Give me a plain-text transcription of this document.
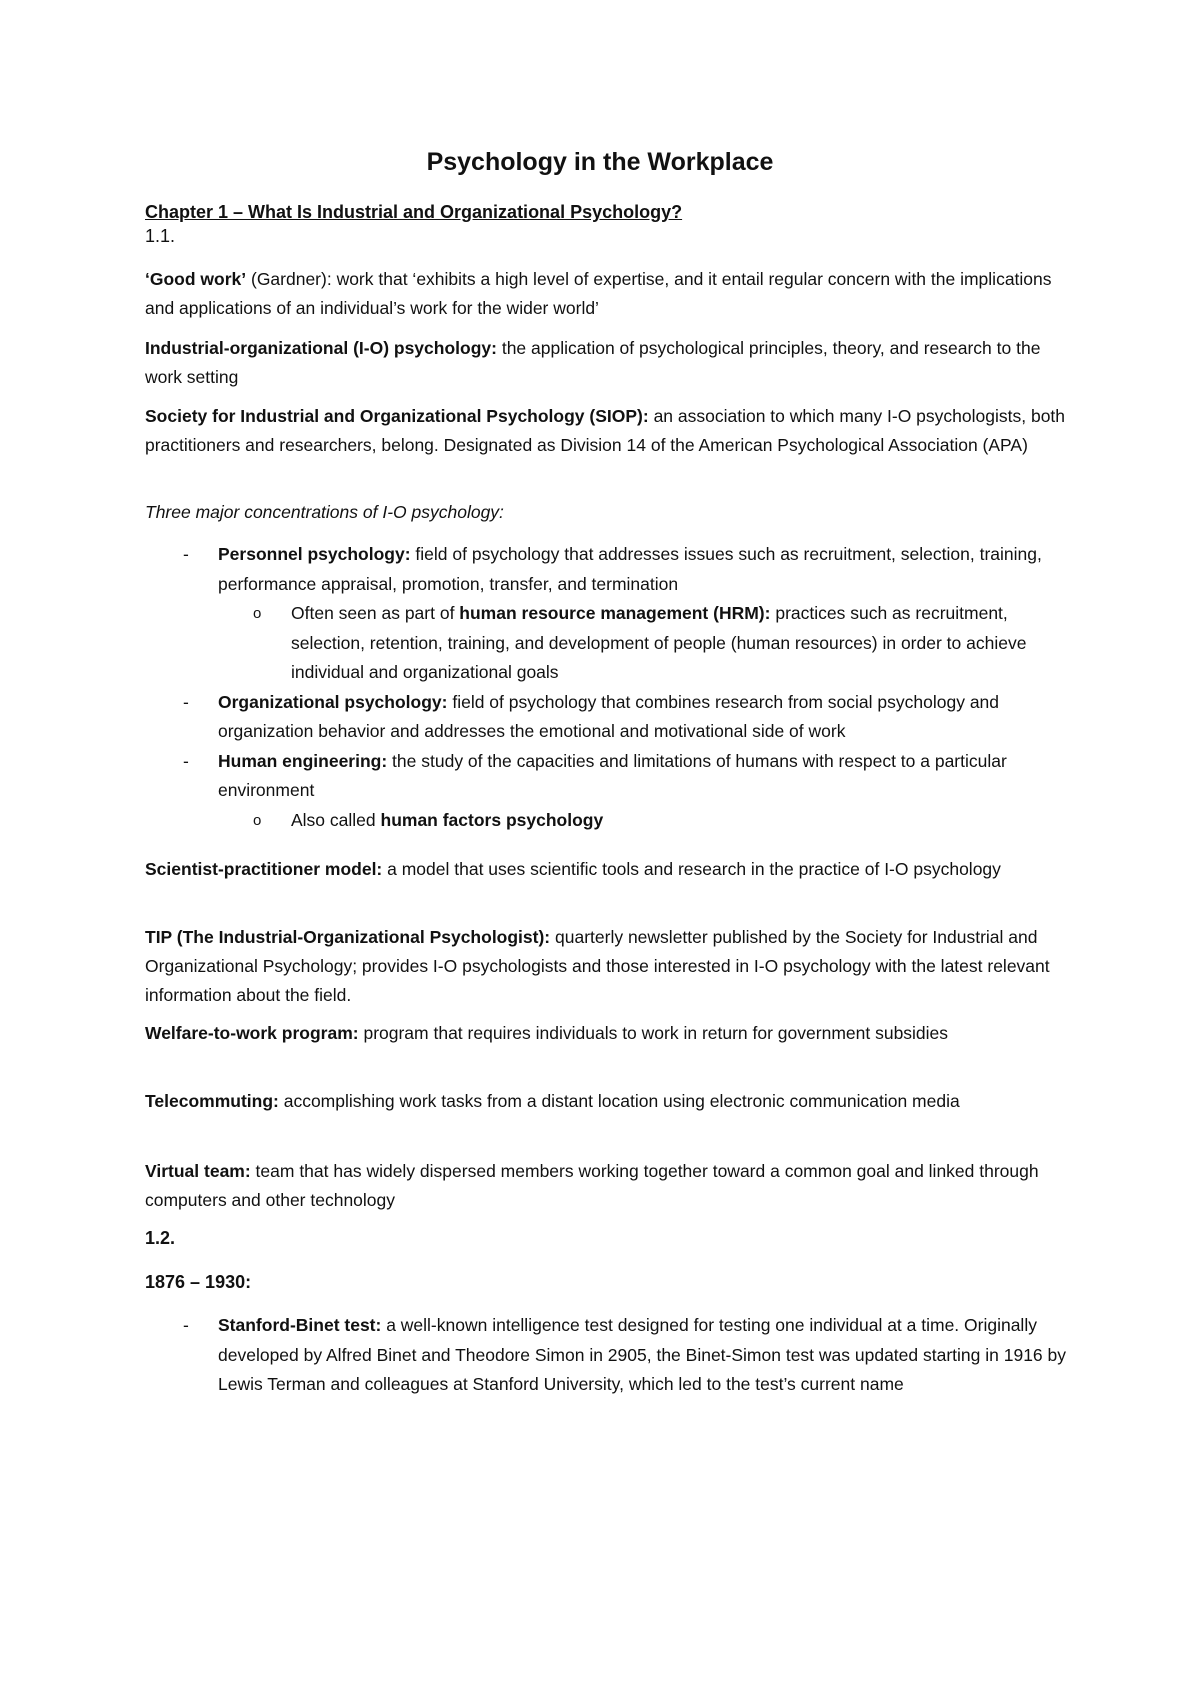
Psychology in the Workplace
Chapter 1 – What Is Industrial and Organizational Psychology?
1.1.

‘Good work’ (Gardner): work that ‘exhibits a high level of expertise, and it entail regular concern with the implications and applications of an individual’s work for the wider world’

Industrial-organizational (I-O) psychology: the application of psychological principles, theory, and research to the work setting

Society for Industrial and Organizational Psychology (SIOP): an association to which many I-O psychologists, both practitioners and researchers, belong. Designated as Division 14 of the American Psychological Association (APA)

Three major concentrations of I-O psychology:

- Personnel psychology: field of psychology that addresses issues such as recruitment, selection, training, performance appraisal, promotion, transfer, and termination
o Often seen as part of human resource management (HRM): practices such as recruitment, selection, retention, training, and development of people (human resources) in order to achieve individual and organizational goals
- Organizational psychology: field of psychology that combines research from social psychology and organization behavior and addresses the emotional and motivational side of work
- Human engineering: the study of the capacities and limitations of humans with respect to a particular environment
o Also called human factors psychology

Scientist-practitioner model: a model that uses scientific tools and research in the practice of I-O psychology

TIP (The Industrial-Organizational Psychologist): quarterly newsletter published by the Society for Industrial and Organizational Psychology; provides I-O psychologists and those interested in I-O psychology with the latest relevant information about the field.

Welfare-to-work program: program that requires individuals to work in return for government subsidies

Telecommuting: accomplishing work tasks from a distant location using electronic communication media

Virtual team: team that has widely dispersed members working together toward a common goal and linked through computers and other technology

1.2.
1876 – 1930:
- Stanford-Binet test: a well-known intelligence test designed for testing one individual at a time. Originally developed by Alfred Binet and Theodore Simon in 2905, the Binet-Simon test was updated starting in 1916 by Lewis Terman and colleagues at Stanford University, which led to the test’s current name
